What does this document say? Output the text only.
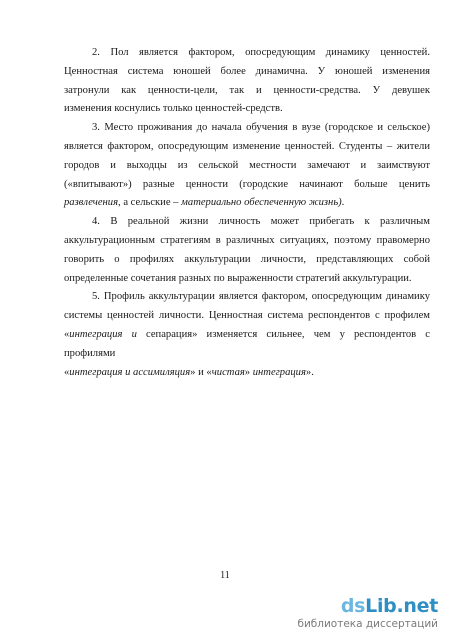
2. Пол является фактором, опосредующим динамику ценностей.
Ценностная система юношей более динамична. У юношей изменения
затронули как ценности-цели, так и ценности-средства. У девушек
изменения коснулись только ценностей-средств.

3. Место проживания до начала обучения в вузе (городское и сельское)
является фактором, опосредующим изменение ценностей. Студенты – жители
городов и выходцы из сельской местности замечают и заимствуют
(«впитывают») разные ценности (городские начинают больше ценить
развлечения, а сельские – материально обеспеченную жизнь).

4. В реальной жизни личность может прибегать к различным
аккультурационным стратегиям в различных ситуациях, поэтому правомерно
говорить о профилях аккультурации личности, представляющих собой
определенные сочетания разных по выраженности стратегий аккультурации.

5. Профиль аккультурации является фактором, опосредующим динамику
системы ценностей личности. Ценностная система респондентов с профилем
«интеграция и сепарация» изменяется сильнее, чем у респондентов с профилями
«интеграция и ассимиляция» и «чистая» интеграция».

11
dsLib.net
библиотека диссертаций
